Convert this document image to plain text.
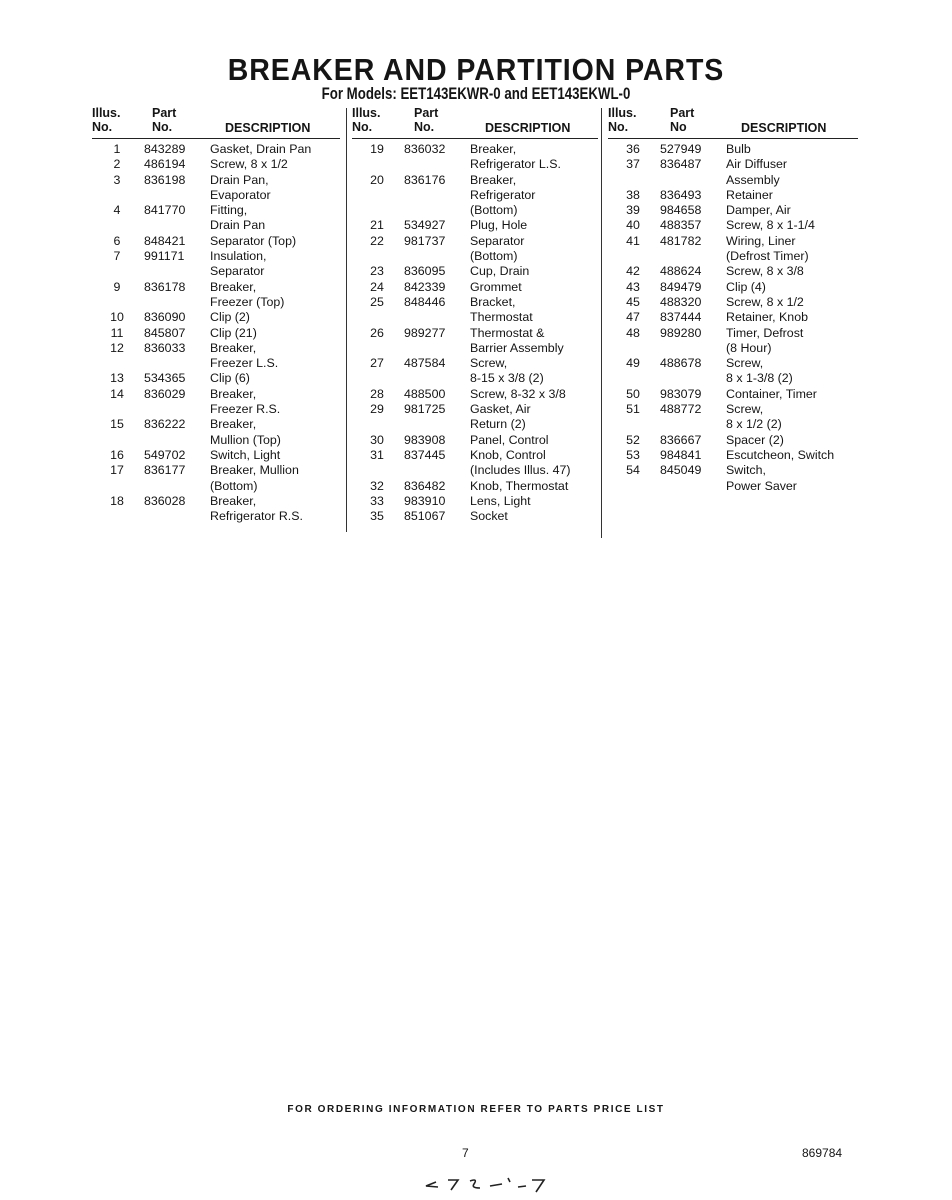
BREAKER AND PARTITION PARTS
For Models: EET143EKWR-0 and EET143EKWL-0
Illus.
No.
Part
No.	DESCRIPTION
1	843289	Gasket, Drain Pan
2	486194	Screw, 8 x 1/2
3	836198	Drain Pan,
Evaporator
4	841770	Fitting,
Drain Pan
6	848421	Separator (Top)
7	991171	Insulation,
Separator
9	836178	Breaker,
Freezer (Top)
10	836090	Clip (2)
11	845807	Clip (21)
12	836033	Breaker,
Freezer L.S.
13	534365	Clip (6)
14	836029	Breaker,
Freezer R.S.
15	836222	Breaker,
Mullion (Top)
16	549702	Switch, Light
17	836177	Breaker, Mullion
(Bottom)
18	836028	Breaker,
Refrigerator R.S.
Illus.
No.
Part
No.	DESCRIPTION
19	836032	Breaker,
Refrigerator L.S.
20	836176	Breaker,
Refrigerator
(Bottom)
21	534927	Plug, Hole
22	981737	Separator
(Bottom)
23	836095	Cup, Drain
24	842339	Grommet
25	848446	Bracket,
Thermostat
26	989277	Thermostat &
Barrier Assembly
27	487584	Screw,
8-15 x 3/8 (2)
28	488500	Screw, 8-32 x 3/8
29	981725	Gasket, Air
Return (2)
30	983908	Panel, Control
31	837445	Knob, Control
(Includes Illus. 47)
32	836482	Knob, Thermostat
33	983910	Lens, Light
35	851067	Socket
Illus.
No.
Part
No	DESCRIPTION
36	527949	Bulb
37	836487	Air Diffuser
Assembly
38	836493	Retainer
39	984658	Damper, Air
40	488357	Screw, 8 x 1-1/4
41	481782	Wiring, Liner
(Defrost Timer)
42	488624	Screw, 8 x 3/8
43	849479	Clip (4)
45	488320	Screw, 8 x 1/2
47	837444	Retainer, Knob
48	989280	Timer, Defrost
(8 Hour)
49	488678	Screw,
8 x 1-3/8 (2)
50	983079	Container, Timer
51	488772	Screw,
8 x 1/2 (2)
52	836667	Spacer (2)
53	984841	Escutcheon, Switch
54	845049	Switch,
Power Saver

FOR ORDERING INFORMATION REFER TO PARTS PRICE LIST

7	869784
